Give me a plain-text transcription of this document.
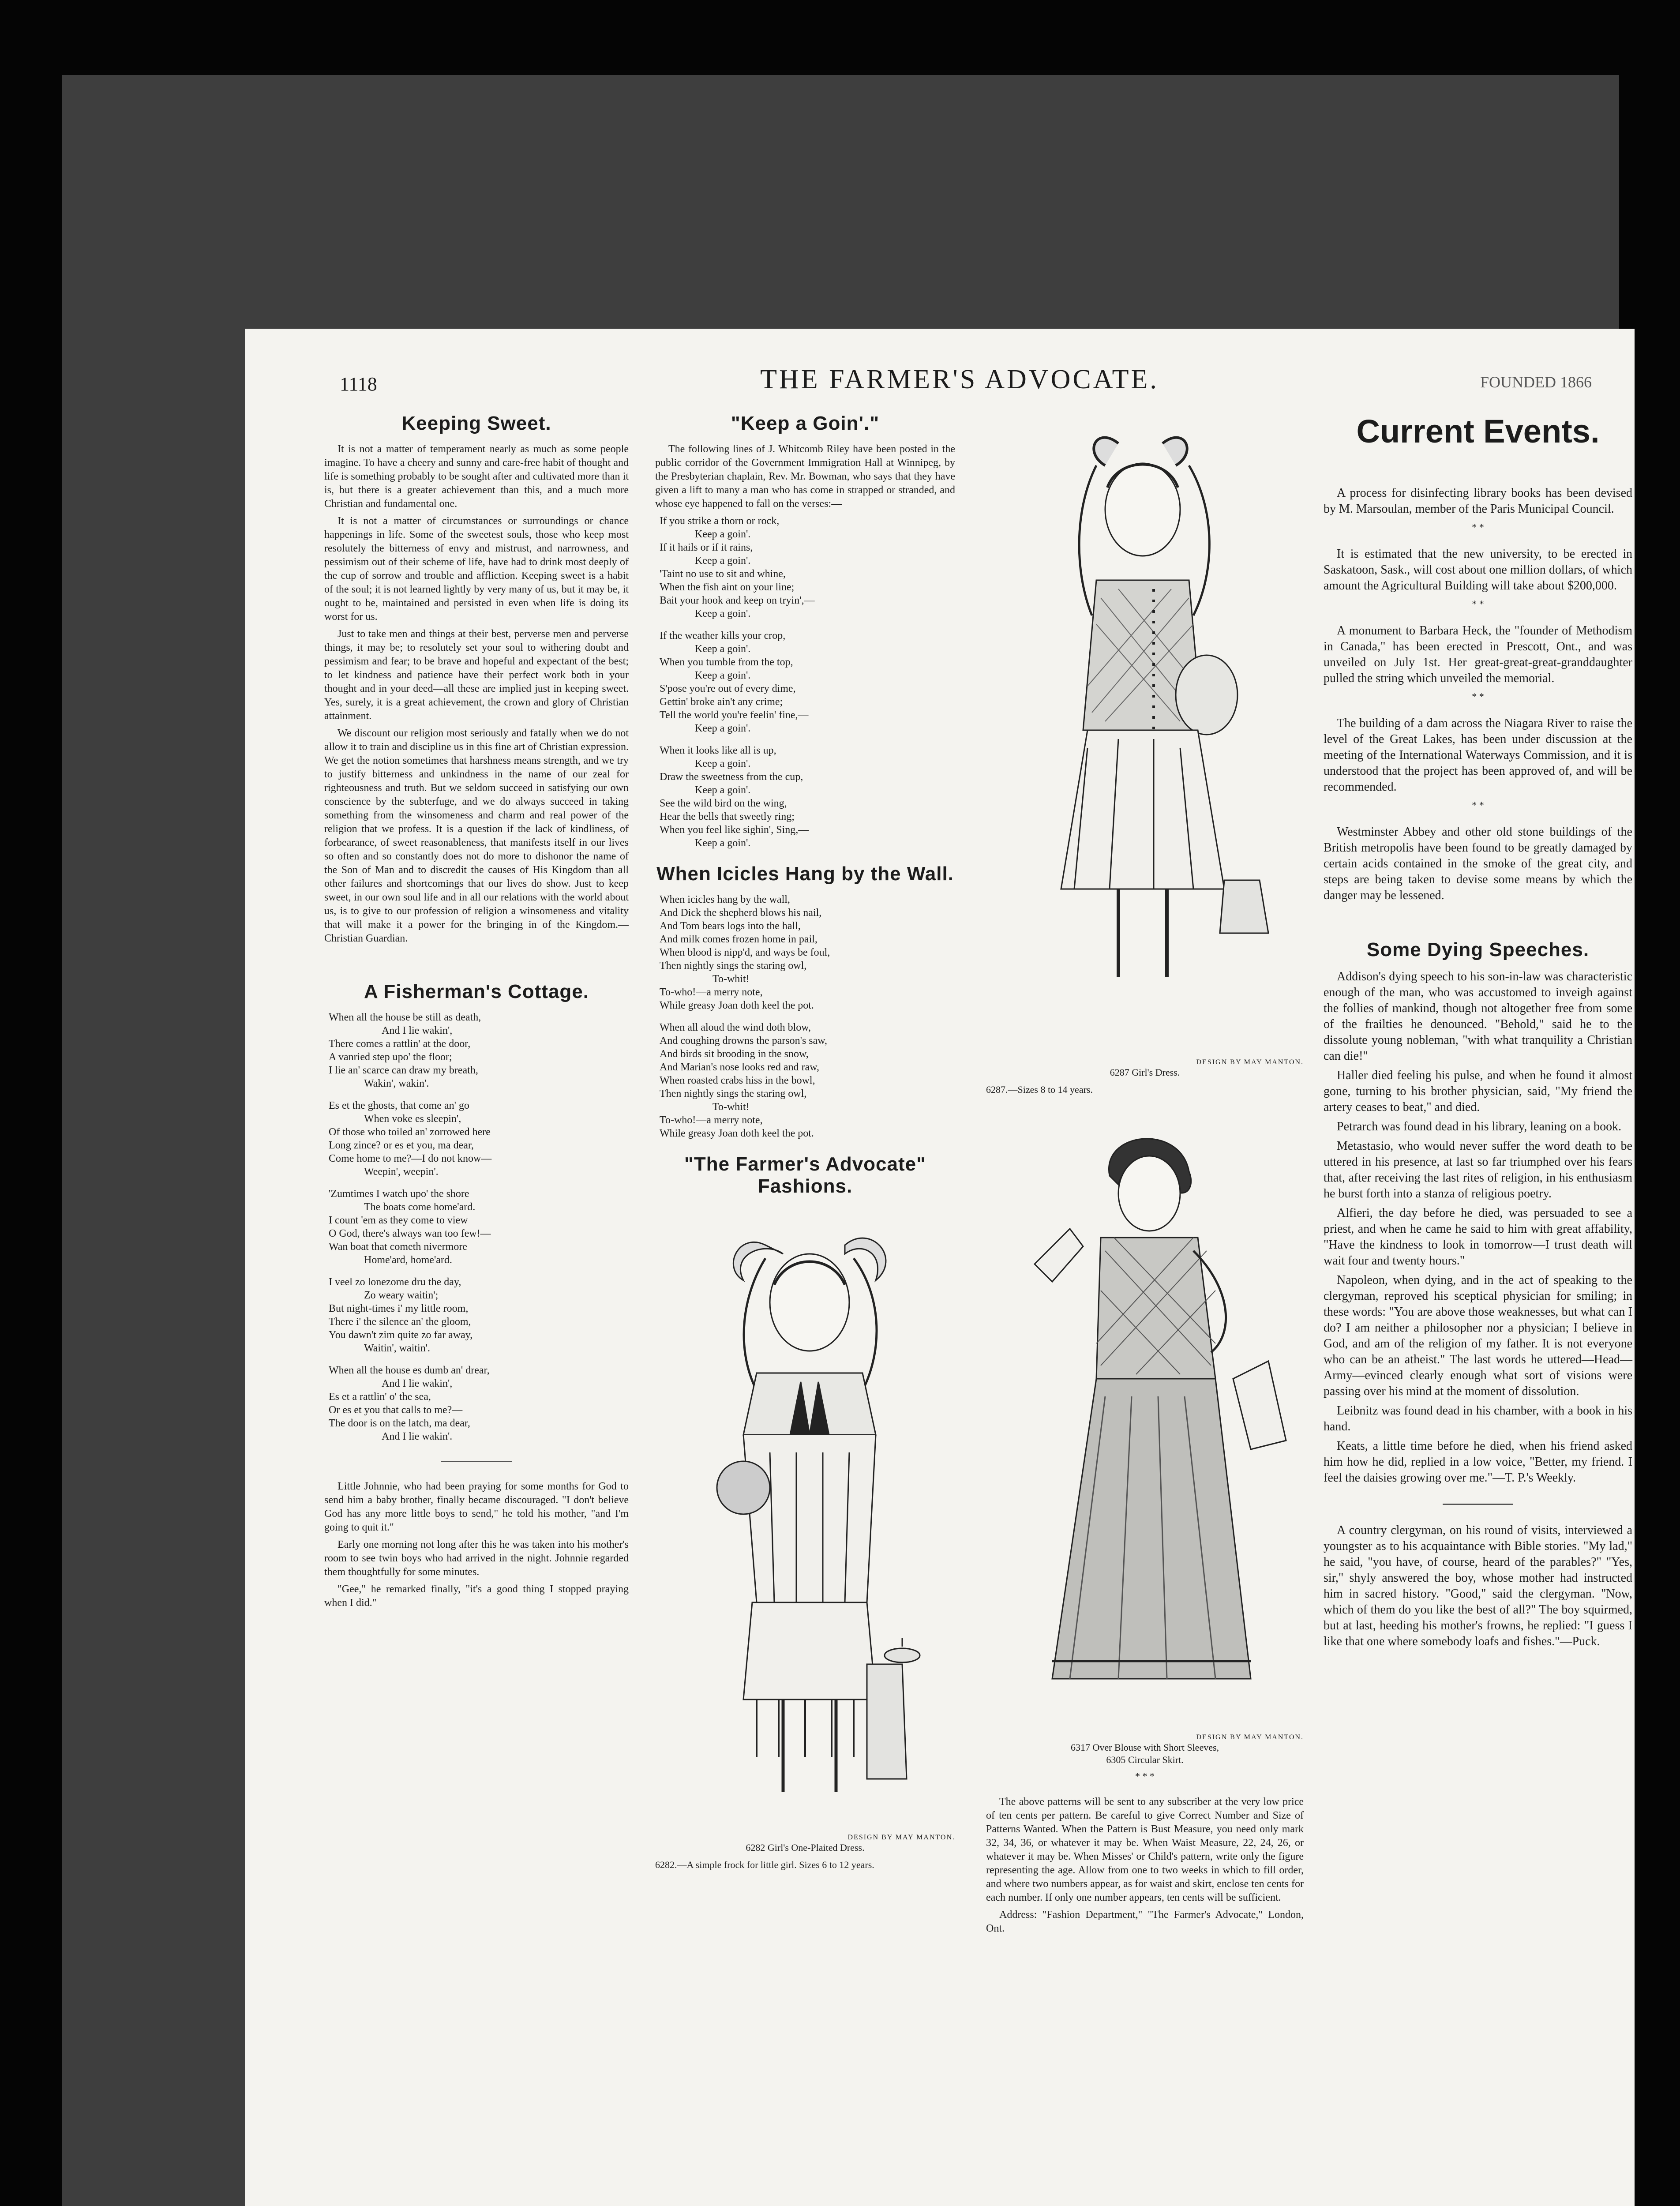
1118	THE FARMER'S ADVOCATE.	FOUNDED 1866
Keeping Sweet.

It is not a matter of temperament nearly as much as some people imagine. To have a cheery and sunny and care-free habit of thought and life is something probably to be sought after and cultivated more than it is, but there is a greater achievement than this, and a much more Christian and fundamental one.

It is not a matter of circumstances or surroundings or chance happenings in life. Some of the sweetest souls, those who keep most resolutely the bitterness of envy and mistrust, and narrowness, and pessimism out of their scheme of life, have had to drink most deeply of the cup of sorrow and trouble and affliction. Keeping sweet is a habit of the soul; it is not learned lightly by very many of us, but it may be, it ought to be, maintained and persisted in even when life is doing its worst for us.

Just to take men and things at their best, perverse men and perverse things, it may be; to resolutely set your soul to withering doubt and pessimism and fear; to be brave and hopeful and expectant of the best; to let kindness and patience have their perfect work both in your thought and in your deed—all these are implied just in keeping sweet. Yes, surely, it is a great achievement, the crown and glory of Christian attainment.

We discount our religion most seriously and fatally when we do not allow it to train and discipline us in this fine art of Christian expression. We get the notion sometimes that harshness means strength, and we try to justify bitterness and unkindness in the name of our zeal for righteousness and truth. But we seldom succeed in satisfying our own conscience by the subterfuge, and we do always succeed in taking something from the winsomeness and charm and real power of the religion that we profess. It is a question if the lack of kindliness, of forbearance, of sweet reasonableness, that manifests itself in our lives so often and so constantly does not do more to dishonor the name of the Son of Man and to discredit the causes of His Kingdom than all other failures and shortcomings that our lives do show. Just to keep sweet, in our own soul life and in all our relations with the world about us, is to give to our profession of religion a winsomeness and vitality that will make it a power for the bringing in of the Kingdom.—Christian Guardian.

A Fisherman's Cottage.
When all the house be still as death,
And I lie wakin',
There comes a rattlin' at the door,
A vanried step upo' the floor;
I lie an' scarce can draw my breath,
Wakin', wakin'.
Es et the ghosts, that come an' go
When voke es sleepin',
Of those who toiled an' zorrowed here
Long zince? or es et you, ma dear,
Come home to me?—I do not know—
Weepin', weepin'.
'Zumtimes I watch upo' the shore
The boats come home'ard.
I count 'em as they come to view
O God, there's always wan too few!—
Wan boat that cometh nivermore
Home'ard, home'ard.
I veel zo lonezome dru the day,
Zo weary waitin';
But night-times i' my little room,
There i' the silence an' the gloom,
You dawn't zim quite zo far away,
Waitin', waitin'.
When all the house es dumb an' drear,
And I lie wakin',
Es et a rattlin' o' the sea,
Or es et you that calls to me?—
The door is on the latch, ma dear,
And I lie wakin'.

Little Johnnie, who had been praying for some months for God to send him a baby brother, finally became discouraged. "I don't believe God has any more little boys to send," he told his mother, "and I'm going to quit it."

Early one morning not long after this he was taken into his mother's room to see twin boys who had arrived in the night. Johnnie regarded them thoughtfully for some minutes.

"Gee," he remarked finally, "it's a good thing I stopped praying when I did."

"Keep a Goin'."

The following lines of J. Whitcomb Riley have been posted in the public corridor of the Government Immigration Hall at Winnipeg, by the Presbyterian chaplain, Rev. Mr. Bowman, who says that they have given a lift to many a man who has come in strapped or stranded, and whose eye happened to fall on the verses:—

If you strike a thorn or rock,
Keep a goin'.
If it hails or if it rains,
Keep a goin'.
'Taint no use to sit and whine,
When the fish aint on your line;
Bait your hook and keep on tryin',—
Keep a goin'.
If the weather kills your crop,
Keep a goin'.
When you tumble from the top,
Keep a goin'.
S'pose you're out of every dime,
Gettin' broke ain't any crime;
Tell the world you're feelin' fine,—
Keep a goin'.
When it looks like all is up,
Keep a goin'.
Draw the sweetness from the cup,
Keep a goin'.
See the wild bird on the wing,
Hear the bells that sweetly ring;
When you feel like sighin', Sing,—
Keep a goin'.
When Icicles Hang by the Wall.
When icicles hang by the wall,
And Dick the shepherd blows his nail,
And Tom bears logs into the hall,
And milk comes frozen home in pail,
When blood is nipp'd, and ways be foul,
Then nightly sings the staring owl,
To-whit!
To-who!—a merry note,
While greasy Joan doth keel the pot.
When all aloud the wind doth blow,
And coughing drowns the parson's saw,
And birds sit brooding in the snow,
And Marian's nose looks red and raw,
When roasted crabs hiss in the bowl,
Then nightly sings the staring owl,
To-whit!
To-who!—a merry note,
While greasy Joan doth keel the pot.
"The Farmer's Advocate" Fashions.
DESIGN BY MAY MANTON.
6282 Girl's One-Plaited Dress.
6282.—A simple frock for little girl. Sizes 6 to 12 years.
DESIGN BY MAY MANTON.
6287 Girl's Dress.
6287.—Sizes 8 to 14 years.
DESIGN BY MAY MANTON.
6317 Over Blouse with Short Sleeves,
6305 Circular Skirt.
* * *

The above patterns will be sent to any subscriber at the very low price of ten cents per pattern. Be careful to give Correct Number and Size of Patterns Wanted. When the Pattern is Bust Measure, you need only mark 32, 34, 36, or whatever it may be. When Waist Measure, 22, 24, 26, or whatever it may be. When Misses' or Child's pattern, write only the figure representing the age. Allow from one to two weeks in which to fill order, and where two numbers appear, as for waist and skirt, enclose ten cents for each number. If only one number appears, ten cents will be sufficient.

Address: "Fashion Department," "The Farmer's Advocate," London, Ont.

Current Events.

A process for disinfecting library books has been devised by M. Marsoulan, member of the Paris Municipal Council.

* *

It is estimated that the new university, to be erected in Saskatoon, Sask., will cost about one million dollars, of which amount the Agricultural Building will take about $200,000.

* *

A monument to Barbara Heck, the "founder of Methodism in Canada," has been erected in Prescott, Ont., and was unveiled on July 1st. Her great-great-great-granddaughter pulled the string which unveiled the memorial.

* *

The building of a dam across the Niagara River to raise the level of the Great Lakes, has been under discussion at the meeting of the International Waterways Commission, and it is understood that the project has been approved of, and will be recommended.

* *

Westminster Abbey and other old stone buildings of the British metropolis have been found to be greatly damaged by certain acids contained in the smoke of the great city, and steps are being taken to devise some means by which the danger may be lessened.

Some Dying Speeches.

Addison's dying speech to his son-in-law was characteristic enough of the man, who was accustomed to inveigh against the follies of mankind, though not altogether free from some of the frailties he denounced. "Behold," said he to the dissolute young nobleman, "with what tranquility a Christian can die!"

Haller died feeling his pulse, and when he found it almost gone, turning to his brother physician, said, "My friend the artery ceases to beat," and died.

Petrarch was found dead in his library, leaning on a book.

Metastasio, who would never suffer the word death to be uttered in his presence, at last so far triumphed over his fears that, after receiving the last rites of religion, in his enthusiasm he burst forth into a stanza of religious poetry.

Alfieri, the day before he died, was persuaded to see a priest, and when he came he said to him with great affability, "Have the kindness to look in tomorrow—I trust death will wait four and twenty hours."

Napoleon, when dying, and in the act of speaking to the clergyman, reproved his sceptical physician for smiling; in these words: "You are above those weaknesses, but what can I do? I am neither a philosopher nor a physician; I believe in God, and am of the religion of my father. It is not everyone who can be an atheist." The last words he uttered—Head—Army—evinced clearly enough what sort of visions were passing over his mind at the moment of dissolution.

Leibnitz was found dead in his chamber, with a book in his hand.

Keats, a little time before he died, when his friend asked him how he did, replied in a low voice, "Better, my friend. I feel the daisies growing over me."—T. P.'s Weekly.

A country clergyman, on his round of visits, interviewed a youngster as to his acquaintance with Bible stories. "My lad," he said, "you have, of course, heard of the parables?" "Yes, sir," shyly answered the boy, whose mother had instructed him in sacred history. "Good," said the clergyman. "Now, which of them do you like the best of all?" The boy squirmed, but at last, heeding his mother's frowns, he replied: "I guess I like that one where somebody loafs and fishes."—Puck.
